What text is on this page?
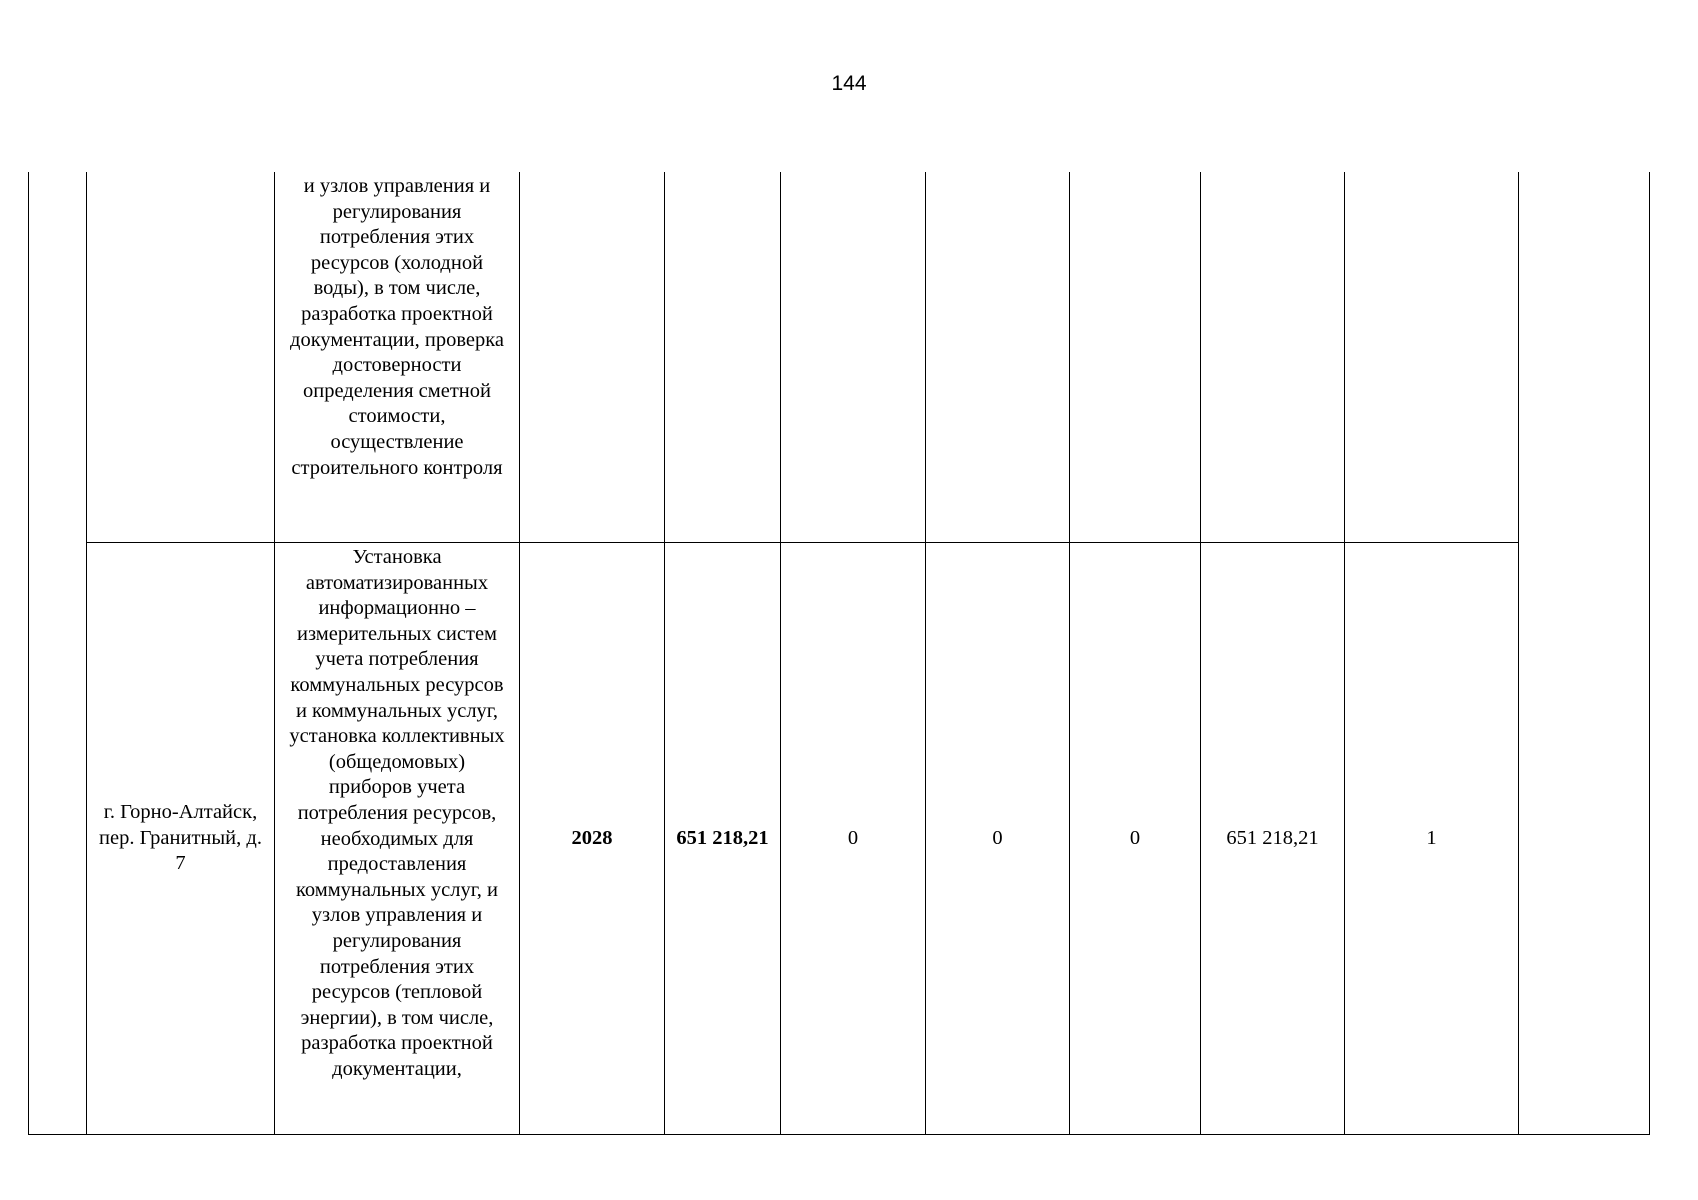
144

		и узлов управления и регулирования потребления этих ресурсов (холодной воды), в том числе, разработка проектной документации, проверка достоверности определения сметной стоимости, осуществление строительного контроля								

	г. Горно-Алтайск, пер. Гранитный, д. 7	Установка автоматизированных информационно – измерительных систем учета потребления коммунальных ресурсов и коммунальных услуг, установка коллективных (общедомовых) приборов учета потребления ресурсов, необходимых для предоставления коммунальных услуг, и узлов управления и регулирования потребления этих ресурсов (тепловой энергии), в том числе, разработка проектной документации,	2028	651 218,21	0	0	0	651 218,21	1	
